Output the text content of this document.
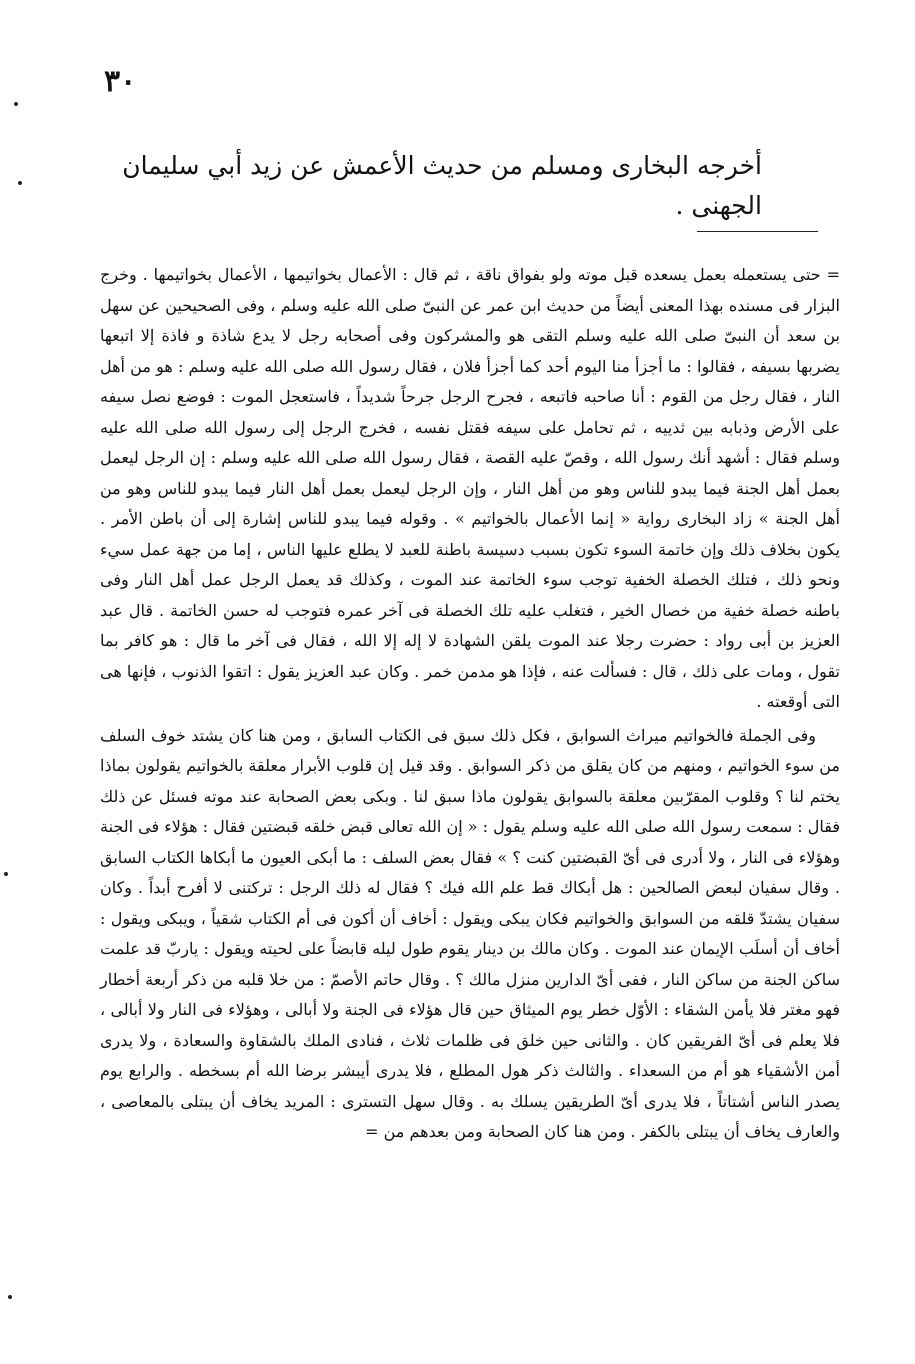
٣٠
أخرجه البخارى ومسلم من حديث الأعمش عن زيد أبي سليمان الجهنى .

= حتى يستعمله بعمل يسعده قبل موته ولو بفواق ناقة ، ثم قال : الأعمال بخواتيمها ، الأعمال بخواتيمها . وخرج البزار فى مسنده بهذا المعنى أيضاً من حديث ابن عمر عن النبىّ صلى الله عليه وسلم ، وفى الصحيحين عن سهل بن سعد أن النبىّ صلى الله عليه وسلم التقى هو والمشركون وفى أصحابه رجل لا يدع شاذة و فاذة إلا اتبعها يضربها بسيفه ، فقالوا : ما أجزأ منا اليوم أحد كما أجزأ فلان ، فقال رسول الله صلى الله عليه وسلم : هو من أهل النار ، فقال رجل من القوم : أنا صاحبه فاتبعه ، فجرح الرجل جرحاً شديداً ، فاستعجل الموت : فوضع نصل سيفه على الأرض وذبابه بين ثدييه ، ثم تحامل على سيفه فقتل نفسه ، فخرج الرجل إلى رسول الله صلى الله عليه وسلم فقال : أشهد أنك رسول الله ، وقصّ عليه القصة ، فقال رسول الله صلى الله عليه وسلم : إن الرجل ليعمل بعمل أهل الجنة فيما يبدو للناس وهو من أهل النار ، وإن الرجل ليعمل بعمل أهل النار فيما يبدو للناس وهو من أهل الجنة » زاد البخارى رواية « إنما الأعمال بالخواتيم » . وقوله فيما يبدو للناس إشارة إلى أن باطن الأمر . يكون بخلاف ذلك وإن خاتمة السوء تكون بسبب دسيسة باطنة للعبد لا يطلع عليها الناس ، إما من جهة عمل سيء ونحو ذلك ، فتلك الخصلة الخفية توجب سوء الخاتمة عند الموت ، وكذلك قد يعمل الرجل عمل أهل النار وفى باطنه خصلة خفية من خصال الخير ، فتغلب عليه تلك الخصلة فى آخر عمره فتوجب له حسن الخاتمة . قال عبد العزيز بن أبى رواد : حضرت رجلا عند الموت يلقن الشهادة لا إله إلا الله ، فقال فى آخر ما قال : هو كافر بما تقول ، ومات على ذلك ، قال : فسألت عنه ، فإذا هو مدمن خمر . وكان عبد العزيز يقول : اتقوا الذنوب ، فإنها هى التى أوقعته .

وفى الجملة فالخواتيم ميراث السوابق ، فكل ذلك سبق فى الكتاب السابق ، ومن هنا كان يشتد خوف السلف من سوء الخواتيم ، ومنهم من كان يقلق من ذكر السوابق . وقد قيل إن قلوب الأبرار معلقة بالخواتيم يقولون بماذا يختم لنا ؟ وقلوب المقرّبين معلقة بالسوابق يقولون ماذا سبق لنا . وبكى بعض الصحابة عند موته فسئل عن ذلك فقال : سمعت رسول الله صلى الله عليه وسلم يقول : « إن الله تعالى قبض خلقه قبضتين فقال : هؤلاء فى الجنة وهؤلاء فى النار ، ولا أدرى فى أىّ القبضتين كنت ؟ » فقال بعض السلف : ما أبكى العيون ما أبكاها الكتاب السابق . وقال سفيان لبعض الصالحين : هل أبكاك قط علم الله فيك ؟ فقال له ذلك الرجل : تركتنى لا أفرح أبداً . وكان سفيان يشتدّ قلقه من السوابق والخواتيم فكان يبكى ويقول : أخاف أن أكون فى أم الكتاب شقياً ، ويبكى ويقول : أخاف أن أسلَب الإيمان عند الموت . وكان مالك بن دينار يقوم طول ليله قابضاً على لحيته ويقول : ياربّ قد علمت ساكن الجنة من ساكن النار ، ففى أىّ الدارين منزل مالك ؟ . وقال حاتم الأصمّ : من خلا قلبه من ذكر أربعة أخطار فهو مغتر فلا يأمن الشقاء : الأوّل خطر يوم الميثاق حين قال هؤلاء فى الجنة ولا أبالى ، وهؤلاء فى النار ولا أبالى ، فلا يعلم فى أىّ الفريقين كان . والثانى حين خلق فى ظلمات ثلاث ، فنادى الملك بالشقاوة والسعادة ، ولا يدرى أمن الأشقياء هو أم من السعداء . والثالث ذكر هول المطلع ، فلا يدرى أيبشر برضا الله أم بسخطه . والرابع يوم يصدر الناس أشتاتاً ، فلا يدرى أىّ الطريقين يسلك به . وقال سهل التسترى : المريد يخاف أن يبتلى بالمعاصى ، والعارف يخاف أن يبتلى بالكفر . ومن هنا كان الصحابة ومن بعدهم من =
